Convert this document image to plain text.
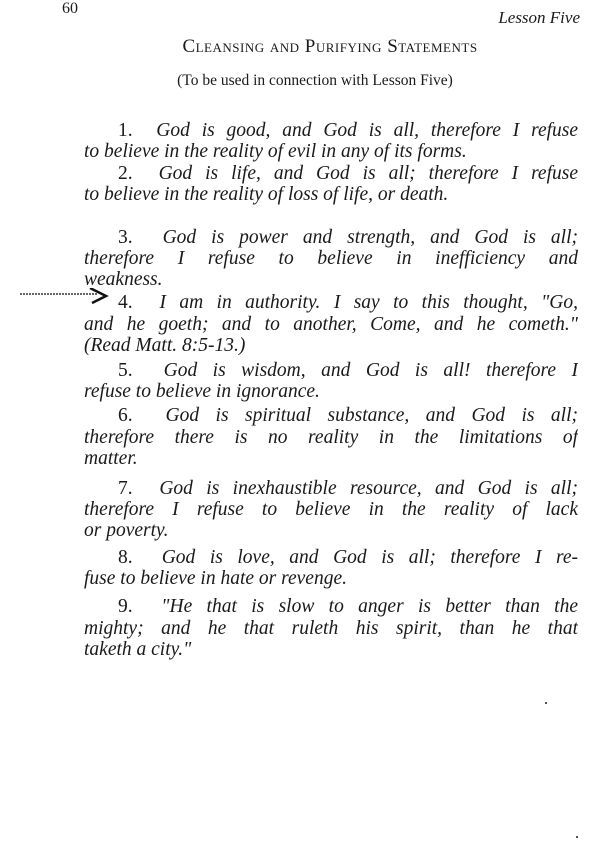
60	Lesson Five
Cleansing and Purifying Statements
(To be used in connection with Lesson Five)
1. God is good, and God is all, therefore I refuse
to believe in the reality of evil in any of its forms.
2. God is life, and God is all; therefore I refuse
to believe in the reality of loss of life, or death.
3. God is power and strength, and God is all;
therefore I refuse to believe in inefficiency and
weakness.
4. I am in authority. I say to this thought, "Go,
and he goeth; and to another, Come, and he cometh."
(Read Matt. 8:5-13.)
5. God is wisdom, and God is all! therefore I
refuse to believe in ignorance.
6. God is spiritual substance, and God is all;
therefore there is no reality in the limitations of
matter.
7. God is inexhaustible resource, and God is all;
therefore I refuse to believe in the reality of lack
or poverty.
8. God is love, and God is all; therefore I re-
fuse to believe in hate or revenge.
9. "He that is slow to anger is better than the
mighty; and he that ruleth his spirit, than he that
taketh a city."
